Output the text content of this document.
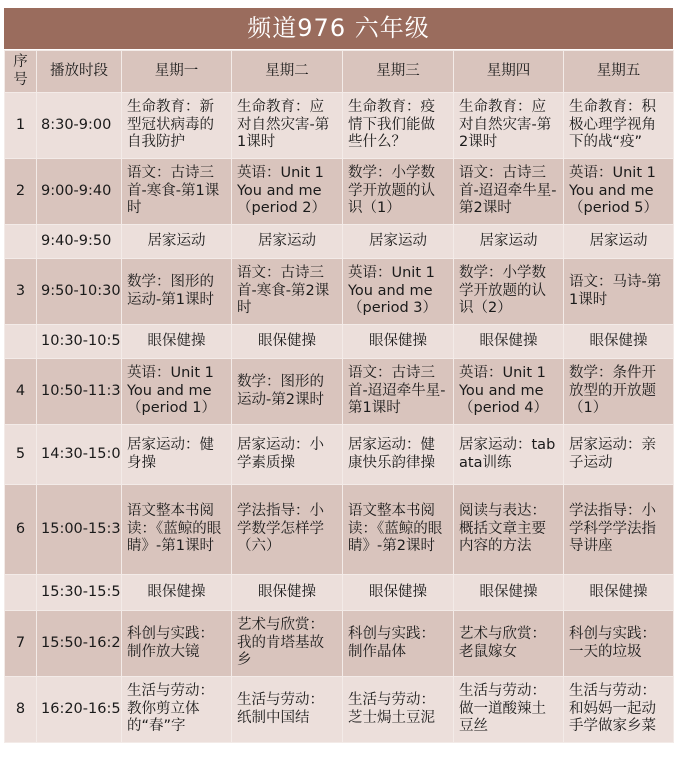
频道976 六年级
序号	播放时段	星期一	星期二	星期三	星期四	星期五
1	8:30-9:00	生命教育：新型冠状病毒的自我防护	生命教育：应对自然灾害-第1课时	生命教育：疫情下我们能做些什么？	生命教育：应对自然灾害-第2课时	生命教育：积极心理学视角下的战“疫”
2	9:00-9:40	语文：古诗三首-寒食-第1课时	英语：Unit 1 You and me （period 2）	数学：小学数学开放题的认识（1）	语文：古诗三首-迢迢牵牛星-第2课时	英语：Unit 1 You and me （period 5）
	9:40-9:50	居家运动	居家运动	居家运动	居家运动	居家运动
3	9:50-10:30	数学：图形的运动-第1课时	语文：古诗三首-寒食-第2课时	英语：Unit 1 You and me （period 3）	数学：小学数学开放题的认识（2）	语文：马诗-第1课时
	10:30-10:5	眼保健操	眼保健操	眼保健操	眼保健操	眼保健操
4	10:50-11:3	英语：Unit 1 You and me （period 1）	数学：图形的运动-第2课时	语文：古诗三首-迢迢牵牛星-第1课时	英语：Unit 1 You and me （period 4）	数学：条件开放型的开放题（1）
5	14:30-15:0	居家运动：健身操	居家运动：小学素质操	居家运动：健康快乐韵律操	居家运动：tabata训练	居家运动：亲子运动
6	15:00-15:3	语文整本书阅读：《蓝鲸的眼睛》-第1课时	学法指导：小学数学怎样学（六）	语文整本书阅读：《蓝鲸的眼睛》-第2课时	阅读与表达：概括文章主要内容的方法	学法指导：小学科学学法指导讲座
	15:30-15:5	眼保健操	眼保健操	眼保健操	眼保健操	眼保健操
7	15:50-16:2	科创与实践：制作放大镜	艺术与欣赏：我的肯塔基故乡	科创与实践：制作晶体	艺术与欣赏：老鼠嫁女	科创与实践：一天的垃圾
8	16:20-16:5	生活与劳动：教你剪立体的“春”字	生活与劳动：纸制中国结	生活与劳动：芝士焗土豆泥	生活与劳动：做一道酸辣土豆丝	生活与劳动：和妈妈一起动手学做家乡菜
